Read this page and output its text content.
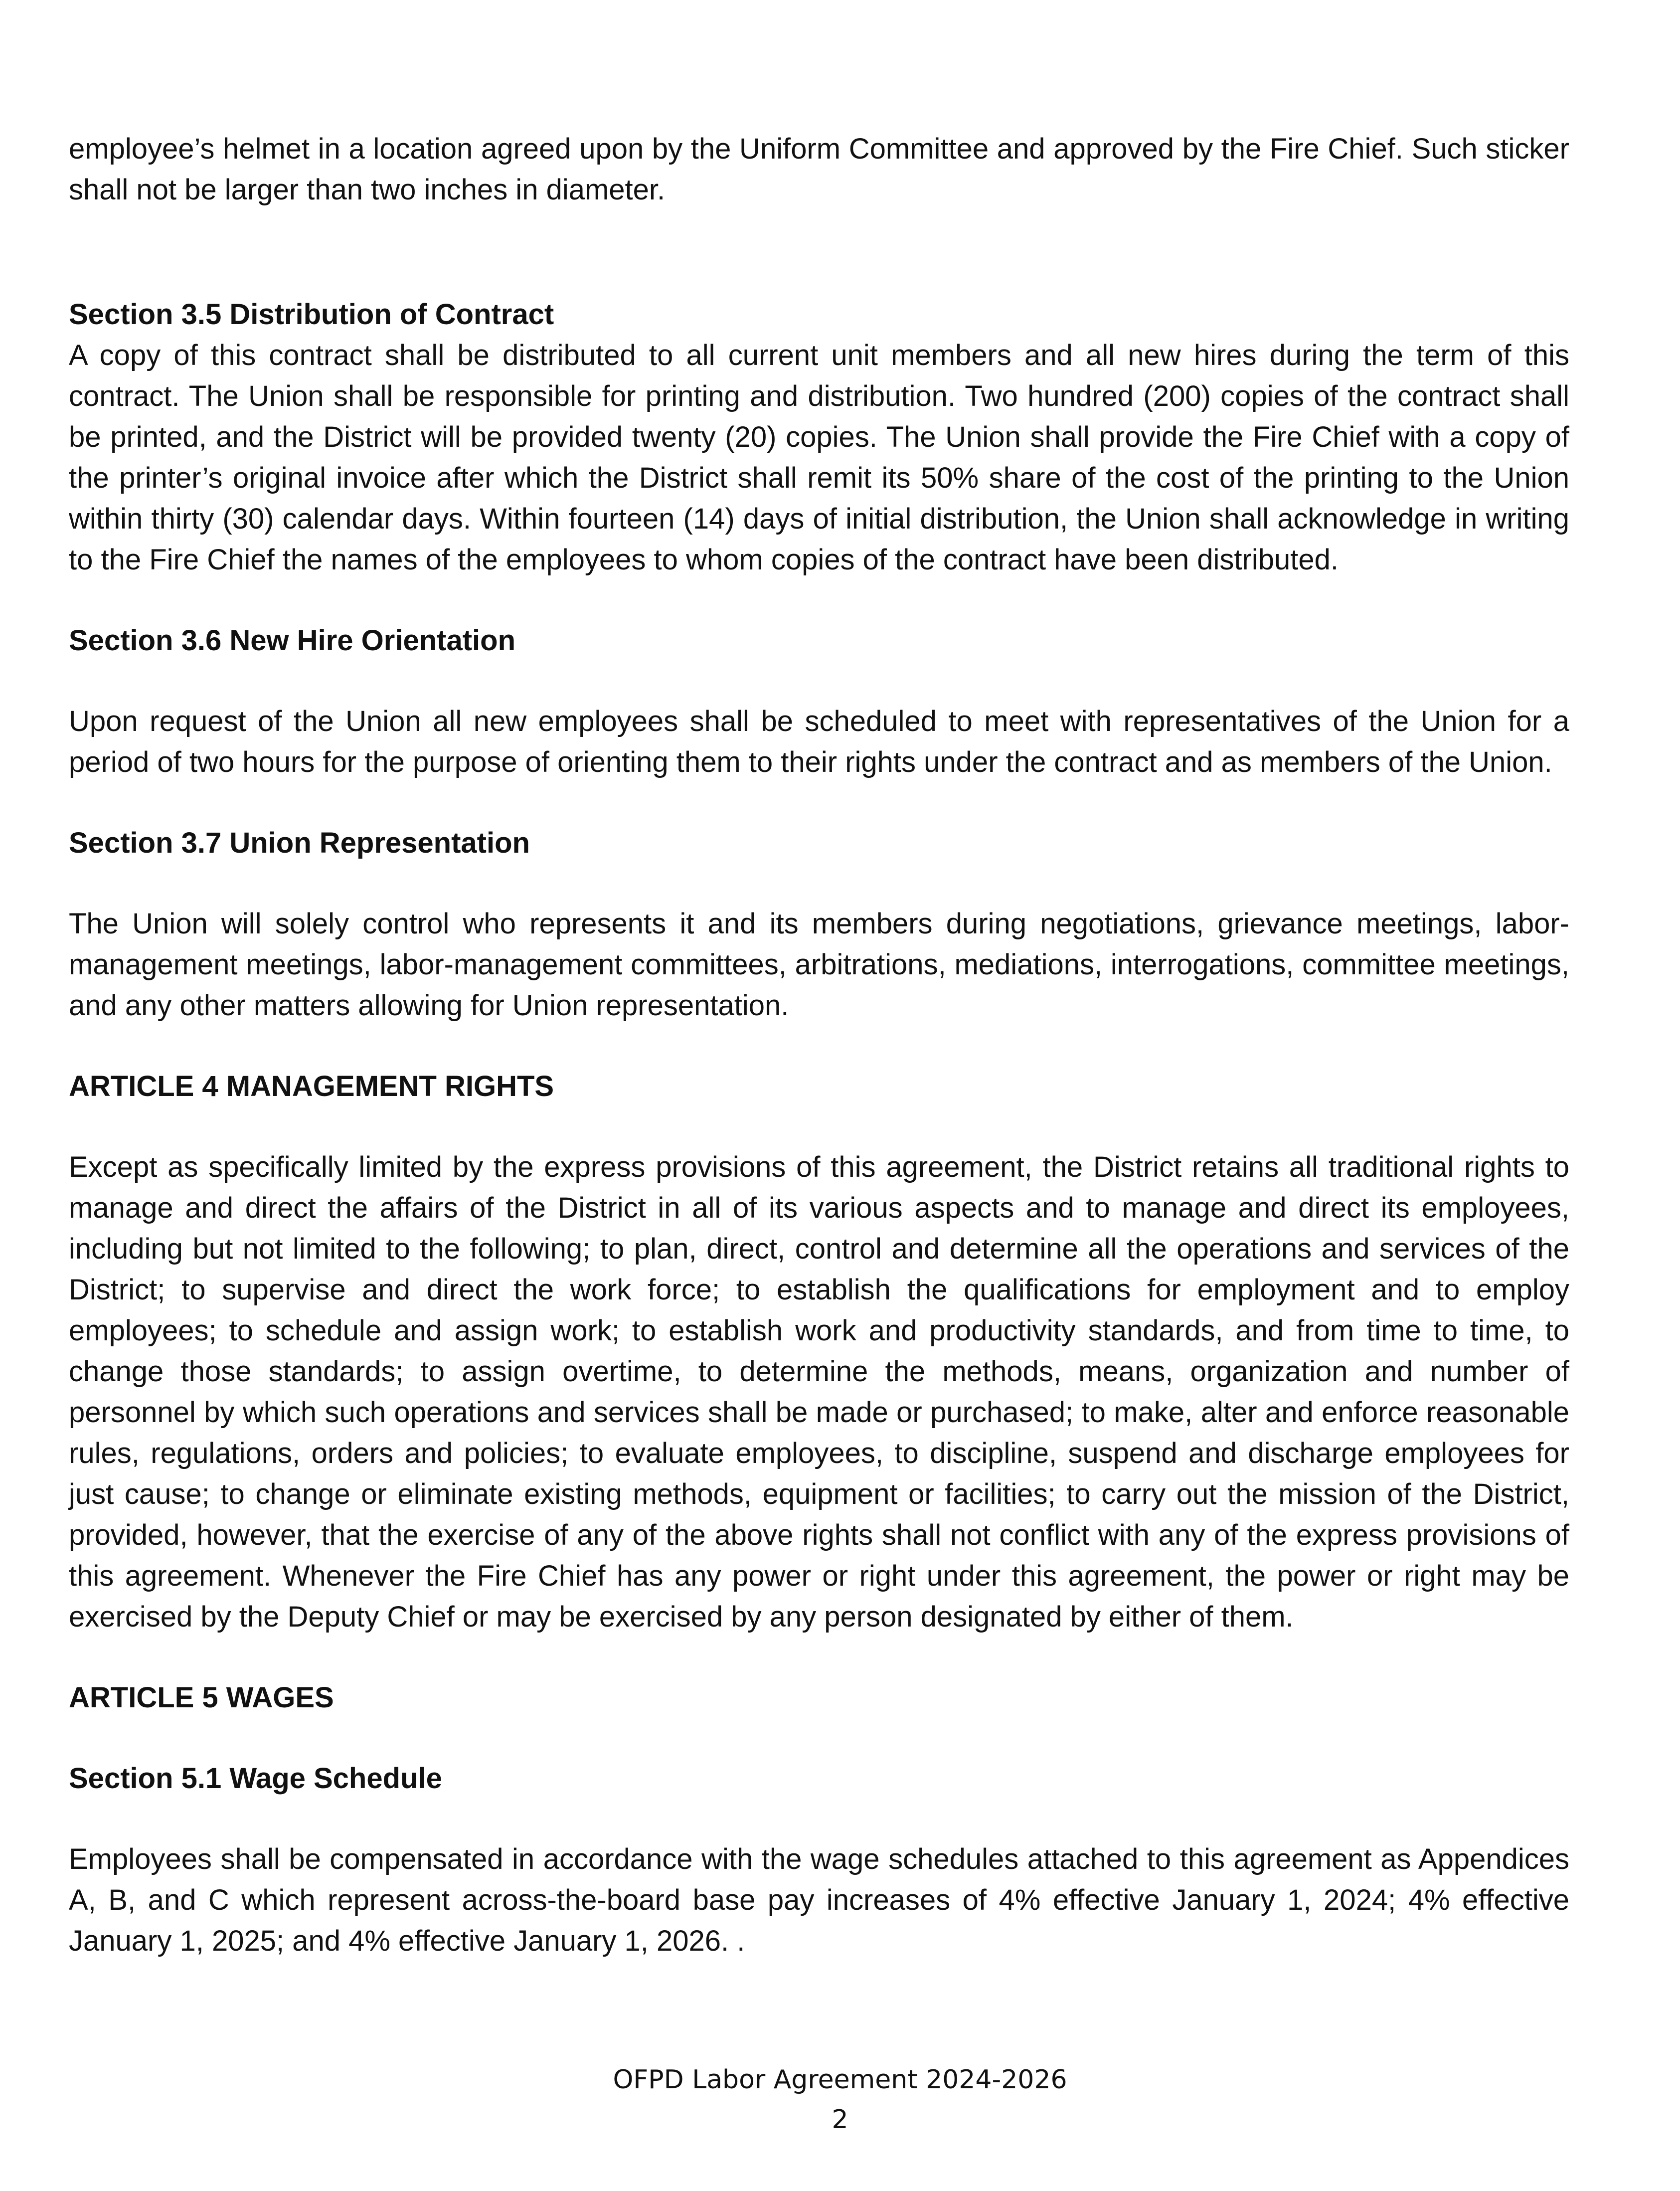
employee’s helmet in a location agreed upon by the Uniform Committee and approved by the Fire Chief. Such sticker shall not be larger than two inches in diameter.

Section 3.5 Distribution of Contract

A copy of this contract shall be distributed to all current unit members and all new hires during the term of this contract. The Union shall be responsible for printing and distribution. Two hundred (200) copies of the contract shall be printed, and the District will be provided twenty (20) copies. The Union shall provide the Fire Chief with a copy of the printer’s original invoice after which the District shall remit its 50% share of the cost of the printing to the Union within thirty (30) calendar days. Within fourteen (14) days of initial distribution, the Union shall acknowledge in writing to the Fire Chief the names of the employees to whom copies of the contract have been distributed.

Section 3.6 New Hire Orientation

Upon request of the Union all new employees shall be scheduled to meet with representatives of the Union for a period of two hours for the purpose of orienting them to their rights under the contract and as members of the Union.

Section 3.7 Union Representation

The Union will solely control who represents it and its members during negotiations, grievance meetings, labor-management meetings, labor-management committees, arbitrations, mediations, interrogations, committee meetings, and any other matters allowing for Union representation.

ARTICLE 4 MANAGEMENT RIGHTS

Except as specifically limited by the express provisions of this agreement, the District retains all traditional rights to manage and direct the affairs of the District in all of its various aspects and to manage and direct its employees, including but not limited to the following; to plan, direct, control and determine all the operations and services of the District; to supervise and direct the work force; to establish the qualifications for employment and to employ employees; to schedule and assign work; to establish work and productivity standards, and from time to time, to change those standards; to assign overtime, to determine the methods, means, organization and number of personnel by which such operations and services shall be made or purchased; to make, alter and enforce reasonable rules, regulations, orders and policies; to evaluate employees, to discipline, suspend and discharge employees for just cause; to change or eliminate existing methods, equipment or facilities; to carry out the mission of the District, provided, however, that the exercise of any of the above rights shall not conflict with any of the express provisions of this agreement. Whenever the Fire Chief has any power or right under this agreement, the power or right may be exercised by the Deputy Chief or may be exercised by any person designated by either of them.

ARTICLE 5 WAGES

Section 5.1 Wage Schedule

Employees shall be compensated in accordance with the wage schedules attached to this agreement as Appendices A, B, and C which represent across-the-board base pay increases of 4% effective January 1, 2024; 4% effective January 1, 2025; and 4% effective January 1, 2026. .

OFPD Labor Agreement 2024-2026
2
